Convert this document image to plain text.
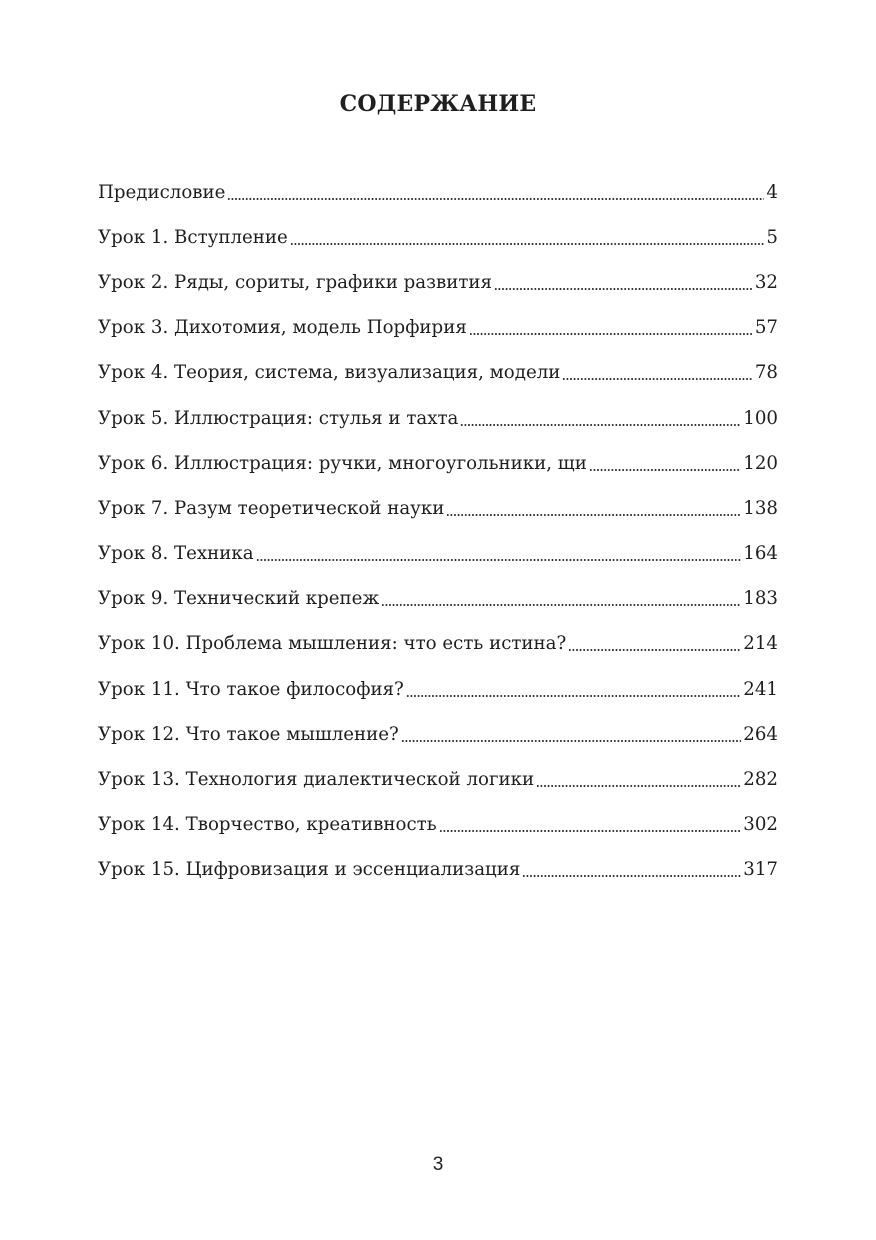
СОДЕРЖАНИЕ
Предисловие	4
Урок 1. Вступление	5
Урок 2. Ряды, сориты, графики развития	32
Урок 3. Дихотомия, модель Порфирия	57
Урок 4. Теория, система, визуализация, модели	78
Урок 5. Иллюстрация: стулья и тахта	100
Урок 6. Иллюстрация: ручки, многоугольники, щи	120
Урок 7. Разум теоретической науки	138
Урок 8. Техника	164
Урок 9. Технический крепеж	183
Урок 10. Проблема мышления: что есть истина?	214
Урок 11. Что такое философия?	241
Урок 12. Что такое мышление?	264
Урок 13. Технология диалектической логики	282
Урок 14. Творчество, креативность	302
Урок 15. Цифровизация и эссенциализация	317
3
